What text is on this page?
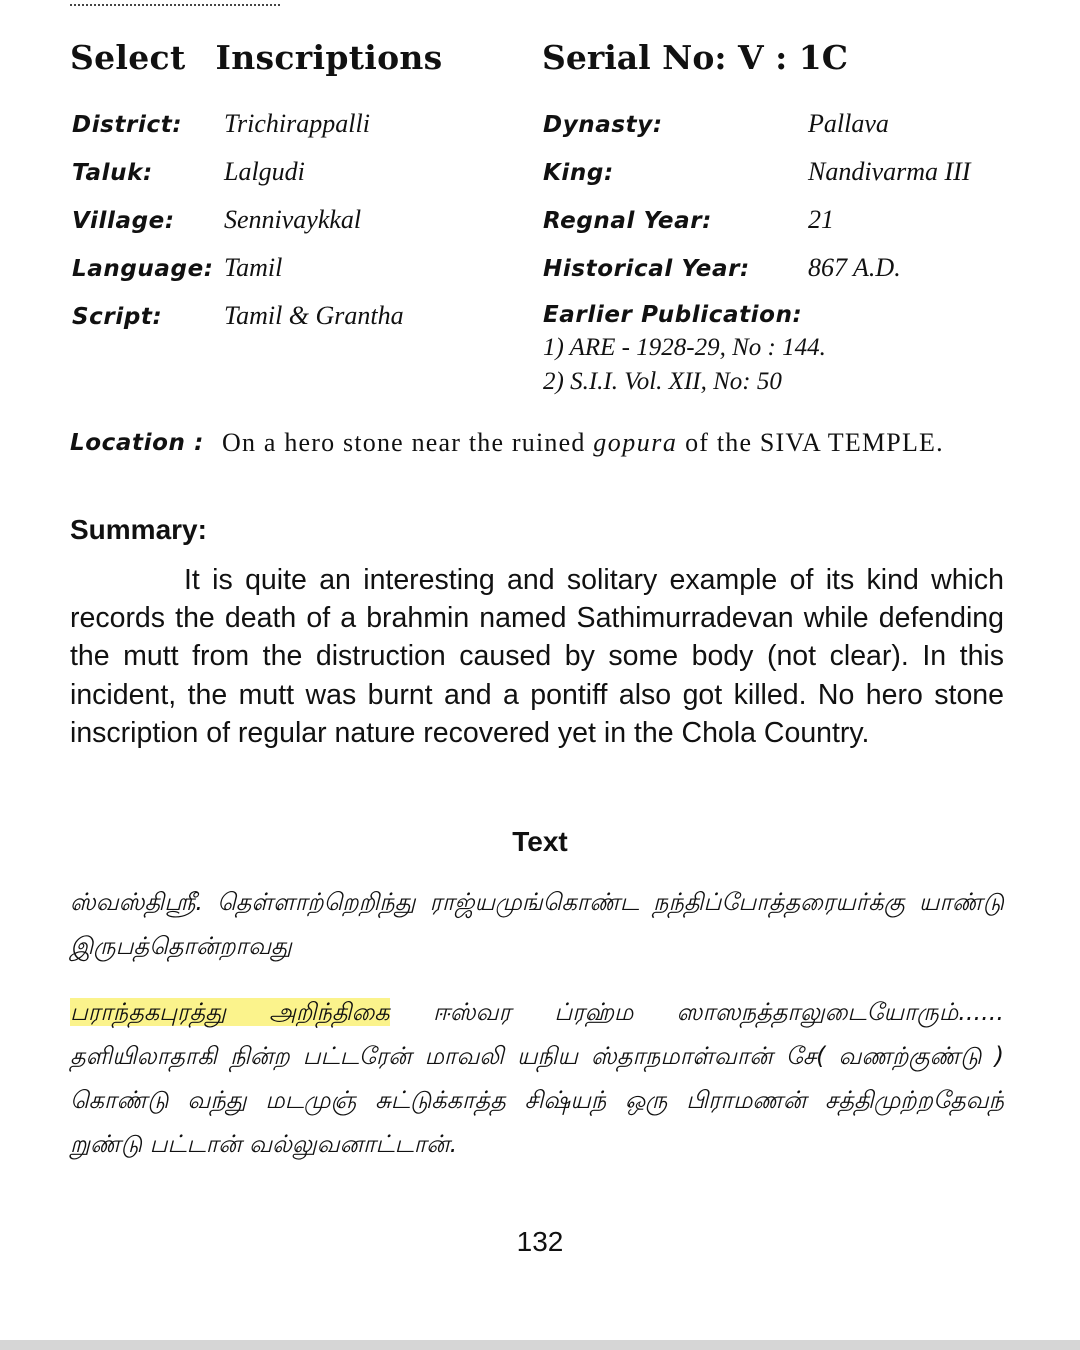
Select Inscriptions	Serial No: V : 1C
District: Trichirappalli
Taluk:	Lalgudi
Village: Sennivaykkal
Language: Tamil
Script: Tamil & Grantha
Dynasty:	Pallava
King:	Nandivarma III
Regnal Year:	21
Historical Year: 867 A.D.
Earlier Publication:
1) ARE - 1928-29, No : 144.
2) S.I.I. Vol. XII, No: 50
Location : On a hero stone near the ruined gopura of the SIVA TEMPLE.
Summary:

It is quite an interesting and solitary example of its kind which records the death of a brahmin named Sathimurradevan while defending the mutt from the distruction caused by some body (not clear). In this incident, the mutt was burnt and a pontiff also got killed. No hero stone inscription of regular nature recovered yet in the Chola Country.

Text

ஸ்வஸ்திஸ்ரீ. தெள்ளாற்றெறிந்து ராஜ்யமுங்கொண்ட நந்திப்போத்தரையர்க்கு யாண்டு இருபத்தொன்றாவது

பராந்தகபுரத்து அறிந்திகை ஈஸ்வர ப்ரஹ்ம ஸாஸநத்தாலுடையோரும்...... தளியிலாதாகி நின்ற பட்டரேன் மாவலி யநிய ஸ்தாநமாள்வான் சே( வணற்குண்டு ) கொண்டு வந்து மடமுஞ் சுட்டுக்காத்த சிஷ்யந் ஒரு பிராமணன் சத்திமுற்றதேவந் றுண்டு பட்டான் வல்லுவனாட்டான்.

132
